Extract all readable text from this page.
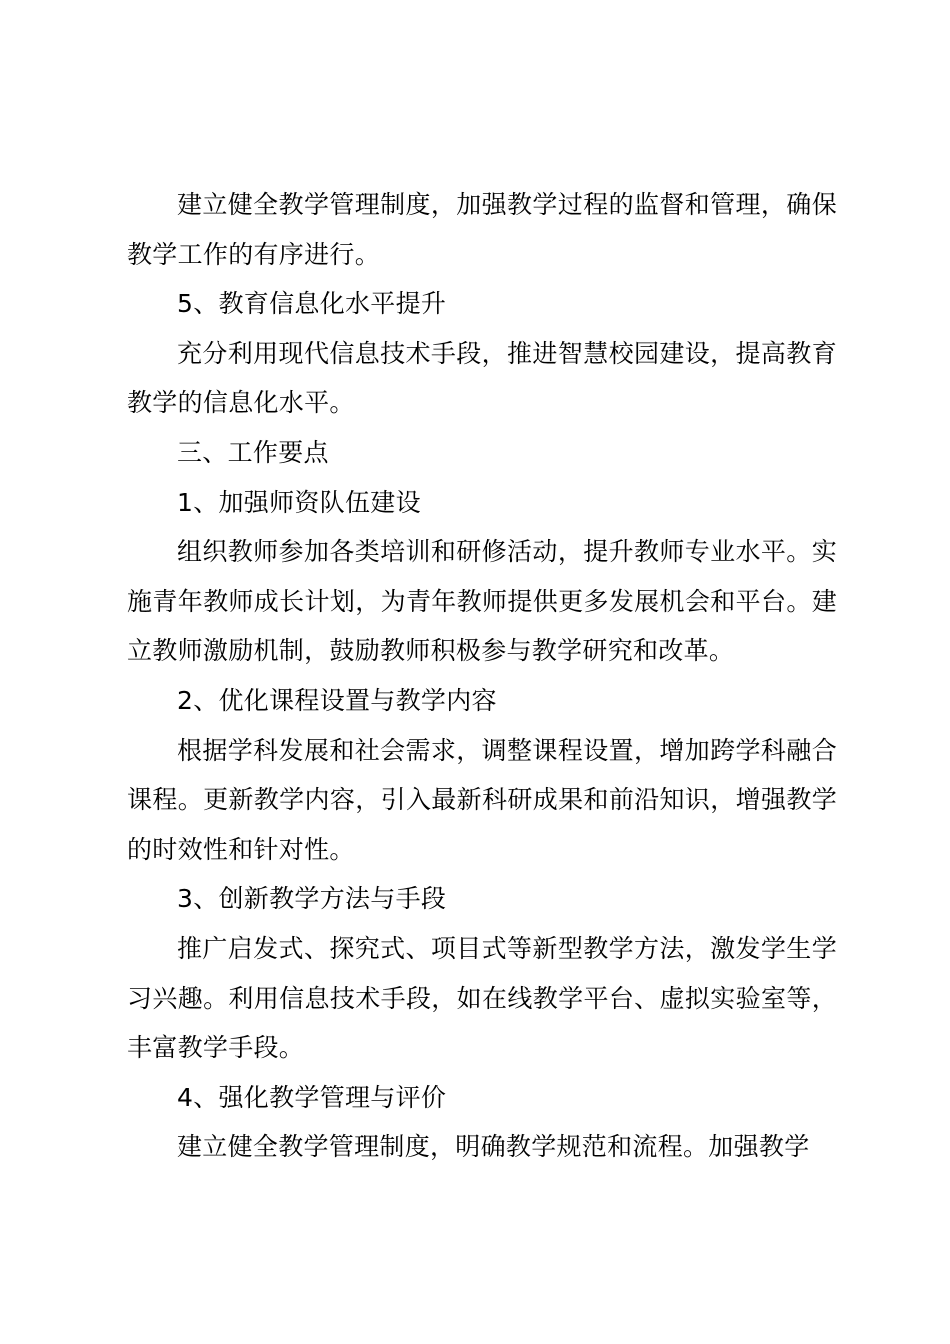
建立健全教学管理制度，加强教学过程的监督和管理，确保教学工作的有序进行。

5、教育信息化水平提升

充分利用现代信息技术手段，推进智慧校园建设，提高教育教学的信息化水平。

三、工作要点

1、加强师资队伍建设

组织教师参加各类培训和研修活动，提升教师专业水平。实施青年教师成长计划，为青年教师提供更多发展机会和平台。建立教师激励机制，鼓励教师积极参与教学研究和改革。

2、优化课程设置与教学内容

根据学科发展和社会需求，调整课程设置，增加跨学科融合课程。更新教学内容，引入最新科研成果和前沿知识，增强教学的时效性和针对性。

3、创新教学方法与手段

推广启发式、探究式、项目式等新型教学方法，激发学生学习兴趣。利用信息技术手段，如在线教学平台、虚拟实验室等，丰富教学手段。

4、强化教学管理与评价

建立健全教学管理制度，明确教学规范和流程。加强教学
